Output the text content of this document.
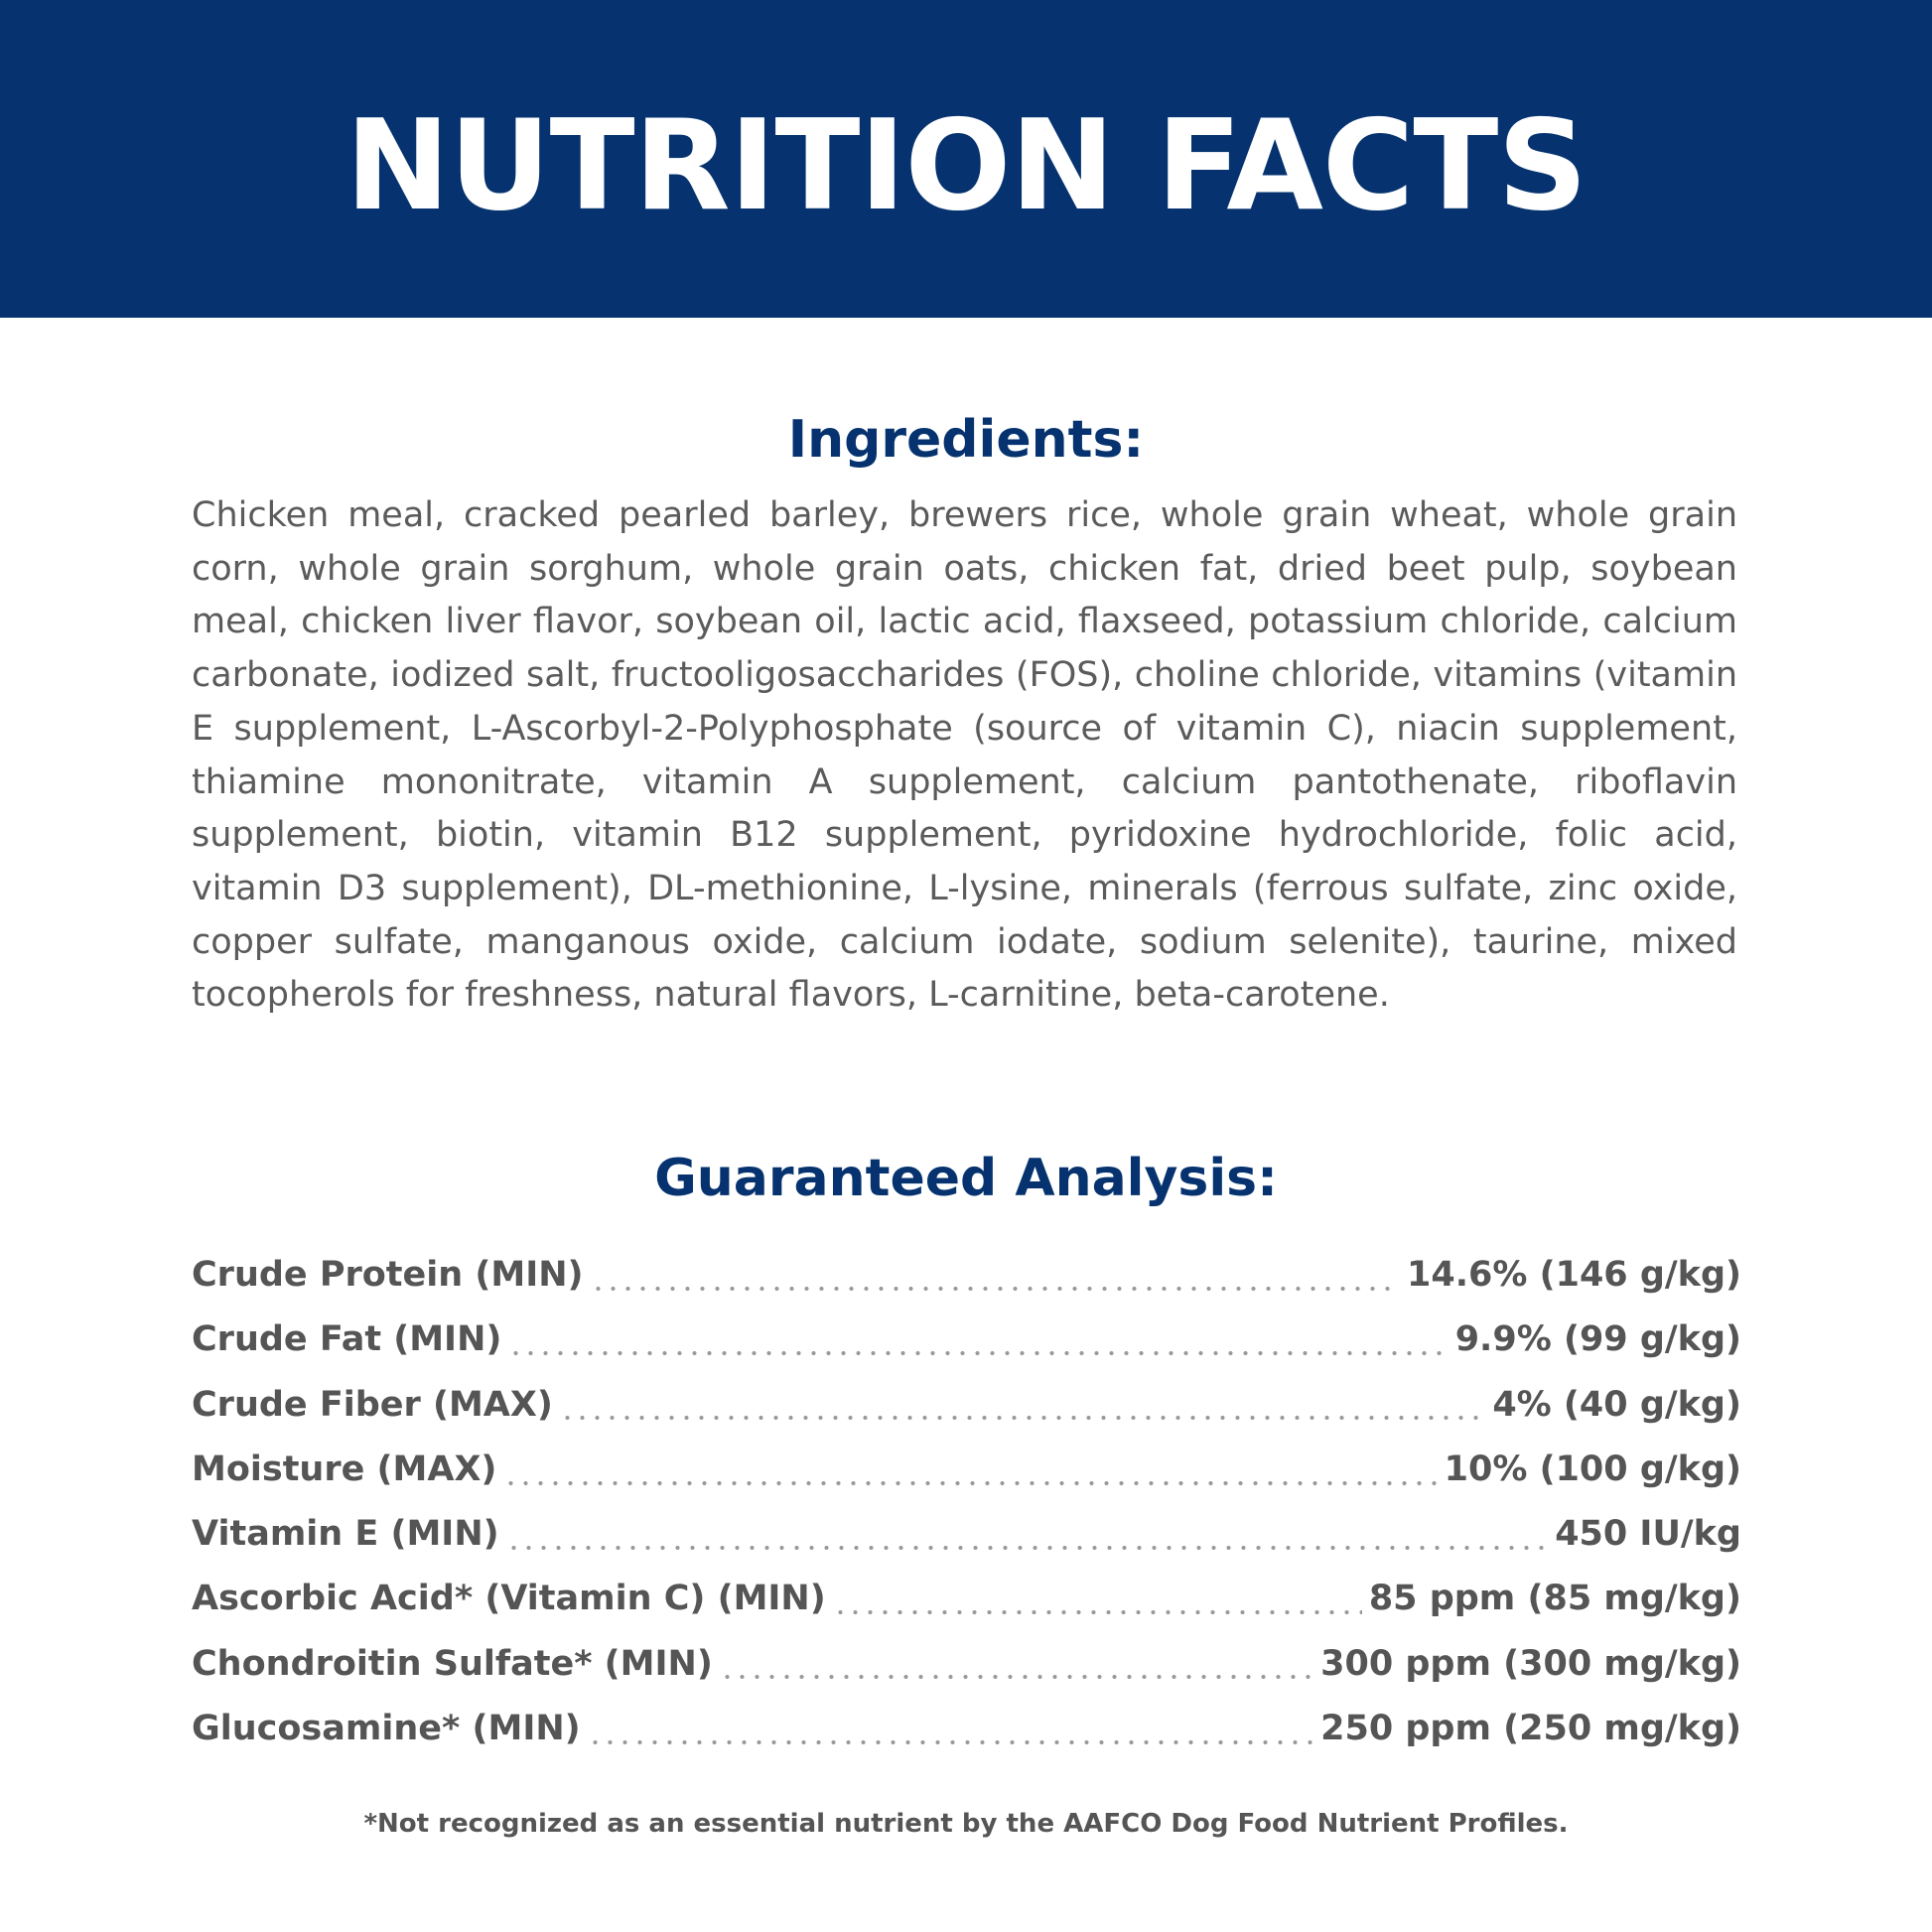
NUTRITION FACTS
Ingredients:

Chicken meal, cracked pearled barley, brewers rice, whole grain wheat, whole grain corn, whole grain sorghum, whole grain oats, chicken fat, dried beet pulp, soybean meal, chicken liver flavor, soybean oil, lactic acid, flaxseed, potassium chloride, calcium carbonate, iodized salt, fructooligosaccharides (FOS), choline chloride, vitamins (vitamin E supplement, L-Ascorbyl-2-Polyphosphate (source of vitamin C), niacin supplement, thiamine mononitrate, vitamin A supplement, calcium pantothenate, riboflavin supplement, biotin, vitamin B12 supplement, pyridoxine hydrochloride, folic acid, vitamin D3 supplement), DL-methionine, L-lysine, minerals (ferrous sulfate, zinc oxide, copper sulfate, manganous oxide, calcium iodate, sodium selenite), taurine, mixed tocopherols for freshness, natural flavors, L-carnitine, beta-carotene.

Guaranteed Analysis:
Crude Protein (MIN)	14.6% (146 g/kg)
Crude Fat (MIN)	9.9% (99 g/kg)
Crude Fiber (MAX)	4% (40 g/kg)
Moisture (MAX)	10% (100 g/kg)
Vitamin E (MIN)	450 IU/kg
Ascorbic Acid* (Vitamin C) (MIN)	85 ppm (85 mg/kg)
Chondroitin Sulfate* (MIN)	300 ppm (300 mg/kg)
Glucosamine* (MIN)	250 ppm (250 mg/kg)

*Not recognized as an essential nutrient by the AAFCO Dog Food Nutrient Profiles.
